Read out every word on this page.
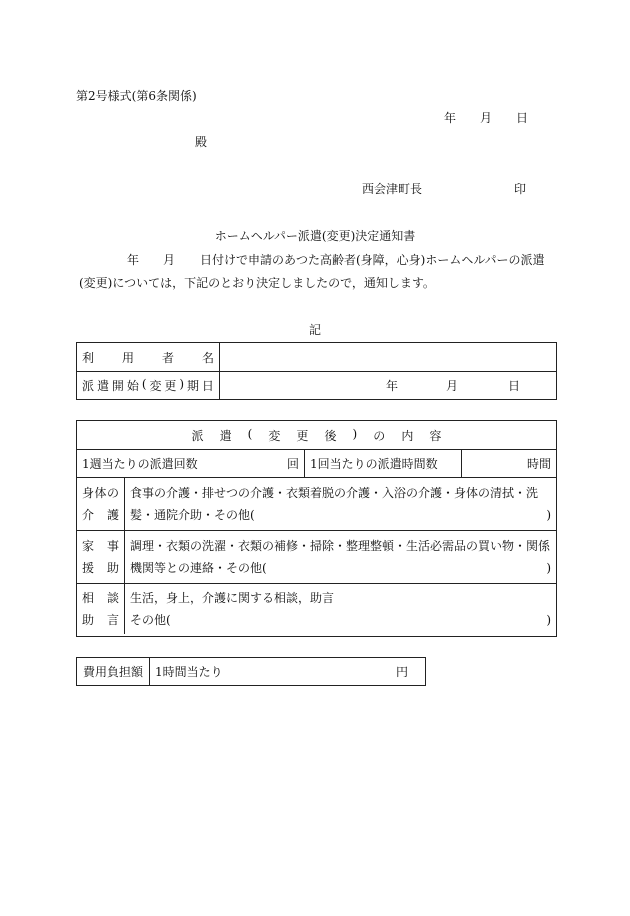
第2号様式(第6条関係)
年 月 日
殿
西会津町長	印
ホームヘルパー派遣(変更)決定通知書
年 月 日付けで申請のあつた高齢者(身障，心身)ホームヘルパーの派遣
(変更)については，下記のとおり決定しましたので，通知します。
記
利 用 者 名
派 遣 開 始 ( 変 更 ) 期 日	年	月	日
派 遣 ( 変 更 後 ) の 内 容
1週当たりの派遣回数	回 1回当たりの派遣時間数	時間
身 体 の
介 護
食事の介護・排せつの介護・衣類着脱の介護・入浴の介護・身体の清拭・洗
髪・通院介助・その他(	)
家 事
援 助
調理・衣類の洗濯・衣類の補修・掃除・整理整頓・生活必需品の買い物・関係
機関等との連絡・その他(	)
相 談
助 言
生活，身上，介護に関する相談，助言
その他(	)
費用負担額	1時間当たり	円
